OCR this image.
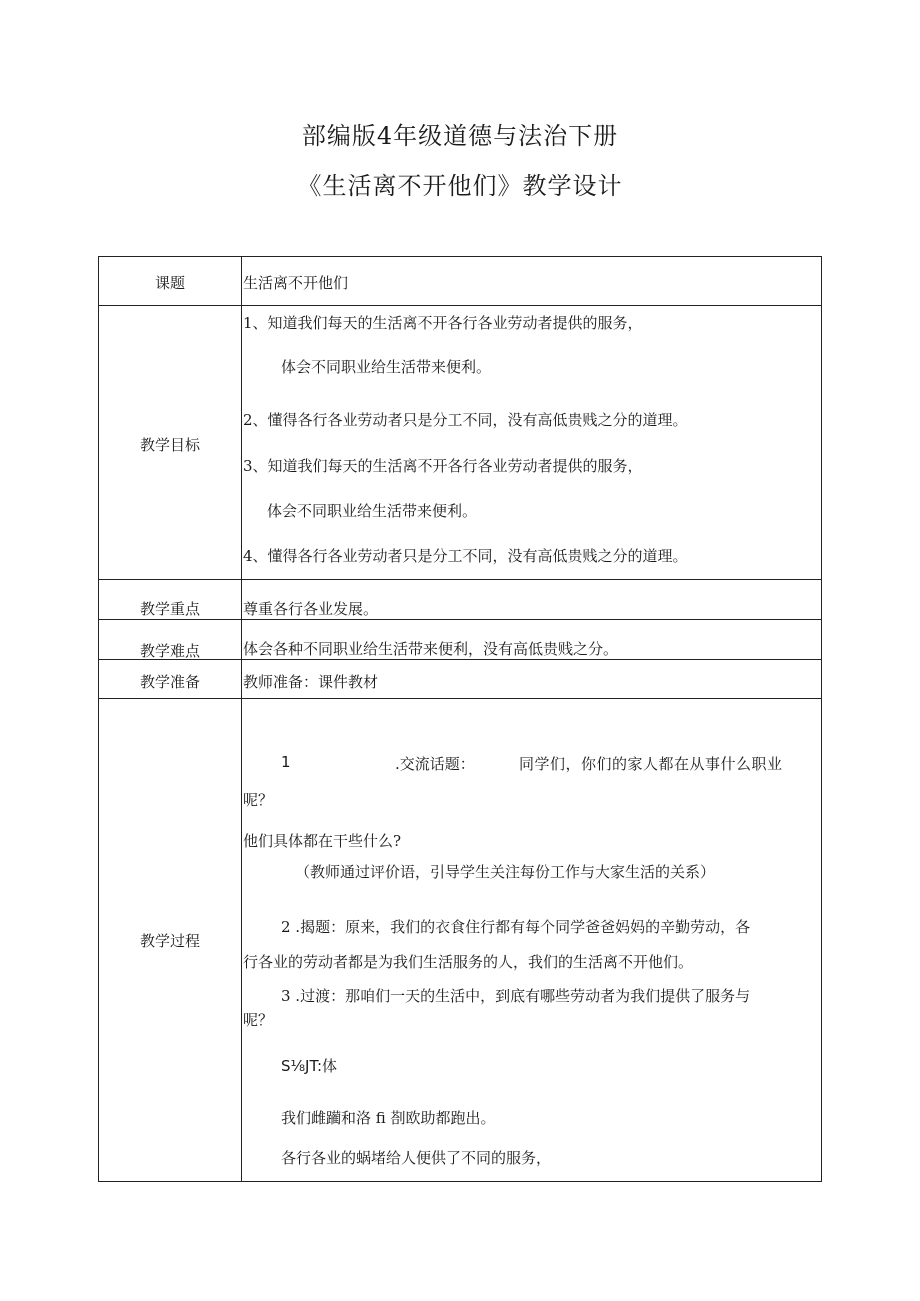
部编版4年级道德与法治下册
《生活离不开他们》教学设计
课题	生活离不开他们
教学目标
1、知道我们每天的生活离不开各行各业劳动者提供的服务，
体会不同职业给生活带来便利。
2、懂得各行各业劳动者只是分工不同，没有高低贵贱之分的道理。
3、知道我们每天的生活离不开各行各业劳动者提供的服务，
体会不同职业给生活带来便利。
4、懂得各行各业劳动者只是分工不同，没有高低贵贱之分的道理。
教学重点	尊重各行各业发展。
教学难点	体会各种不同职业给生活带来便利，没有高低贵贱之分。
教学准备	教师准备：课件教材
教学过程
1	.交流话题：	同学们，你们的家人都在从事什么职业
呢？
他们具体都在干些什么?
（教师通过评价语，引导学生关注每份工作与大家生活的关系）
2 .揭题：原来，我们的衣食住行都有每个同学爸爸妈妈的辛勤劳动，各
行各业的劳动者都是为我们生活服务的人，我们的生活离不开他们。
3 .过渡：那咱们一天的生活中，到底有哪些劳动者为我们提供了服务与
呢？
S⅛JT:体
我们雌躏和洛 fi 剳欧助都跑出。
各行各业的蜗堵给人便供了不同的服务，
